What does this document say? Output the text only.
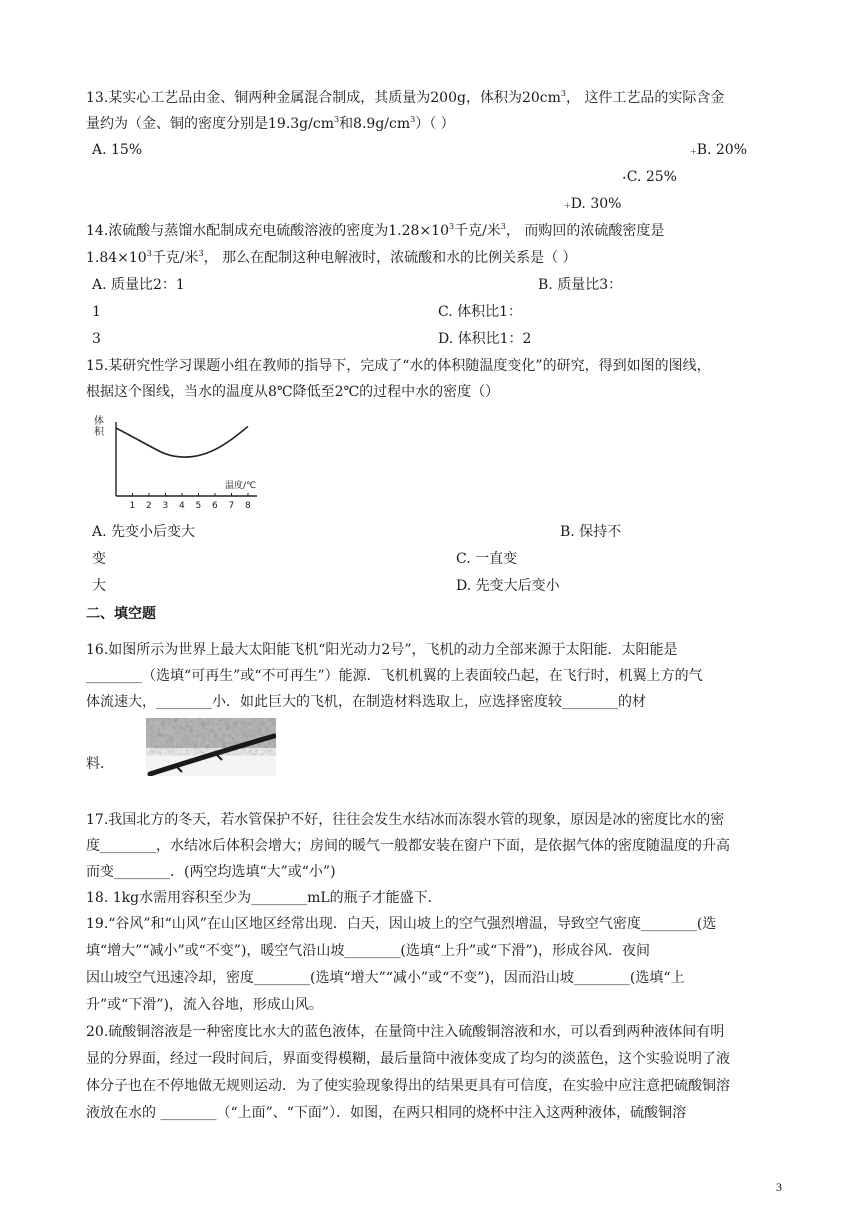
13.某实心工艺品由金、铜两种金属混合制成，其质量为200g，体积为$20cm^3$， 这件工艺品的实际含金
量约为（金、铜的密度分别是$19.3g/cm^3$和$8.9g/cm^3$）（ ）
A. 15%	+B. 20%
•C. 25%
+D. 30%
14.浓硫酸与蒸馏水配制成充电硫酸溶液的密度为$1.28\times 10^3$千克/米$^3$， 而购回的浓硫酸密度是
$1.84\times 10^3$千克/米$^3$， 那么在配制这种电解液时，浓硫酸和水的比例关系是（ ）
A. 质量比2：1	B. 质量比3：
1	C. 体积比1：
3	D. 体积比1：2
15.某研究性学习课题小组在教师的指导下，完成了“水的体积随温度变化”的研究，得到如图的图线，
根据这个图线，当水的温度从8℃降低至2℃的过程中水的密度（）
体
积
1 2 3 4 5 6 7 8
温度/℃
A. 先变小后变大	B. 保持不
变	C. 一直变
大	D. 先变大后变小
二、填空题
16.如图所示为世界上最大太阳能飞机“阳光动力2号”，飞机的动力全部来源于太阳能．太阳能是
________（选填“可再生”或“不可再生”）能源．飞机机翼的上表面较凸起，在飞行时，机翼上方的气
体流速大，________小．如此巨大的飞机，在制造材料选取上，应选择密度较________的材
料．
17.我国北方的冬天，若水管保护不好，往往会发生水结冰而冻裂水管的现象，原因是冰的密度比水的密
度________，水结冰后体积会增大；房间的暖气一般都安装在窗户下面，是依据气体的密度随温度的升高
而变________．(两空均选填“大”或“小”)
18. 1kg水需用容积至少为________mL的瓶子才能盛下．
19.“谷风”和“山风”在山区地区经常出现．白天，因山坡上的空气强烈增温，导致空气密度________(选
填“增大”“减小”或“不变”)，暖空气沿山坡________(选填“上升”或“下滑”)，形成谷风．夜间
因山坡空气迅速冷却，密度________(选填“增大”“减小”或“不变”)，因而沿山坡________(选填“上
升”或“下滑”)，流入谷地，形成山风。
20.硫酸铜溶液是一种密度比水大的蓝色液体，在量筒中注入硫酸铜溶液和水，可以看到两种液体间有明
显的分界面，经过一段时间后，界面变得模糊，最后量筒中液体变成了均匀的淡蓝色，这个实验说明了液
体分子也在不停地做无规则运动．为了使实验现象得出的结果更具有可信度，在实验中应注意把硫酸铜溶
液放在水的 ________（“上面”、“下面”）．如图，在两只相同的烧杯中注入这两种液体，硫酸铜溶
3
